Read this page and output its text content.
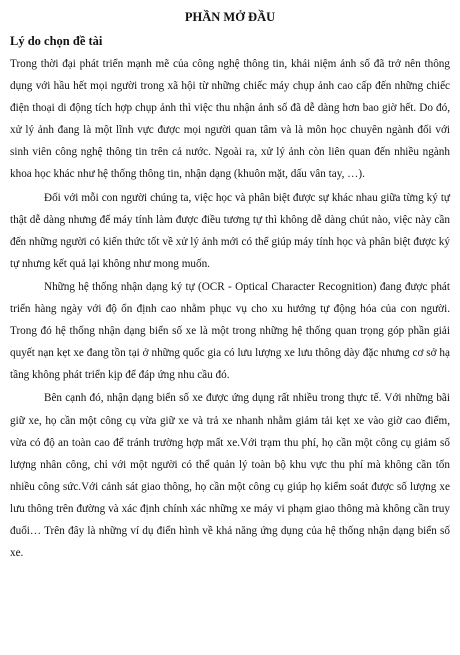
PHẦN MỞ ĐẦU
Lý do chọn đề tài

Trong thời đại phát triển mạnh mẽ của công nghệ thông tin, khái niệm ảnh số đã trở nên thông dụng với hầu hết mọi người trong xã hội từ những chiếc máy chụp ảnh cao cấp đến những chiếc điện thoại di động tích hợp chụp ảnh thì việc thu nhận ảnh số đã dễ dàng hơn bao giờ hết. Do đó, xử lý ảnh đang là một lĩnh vực được mọi người quan tâm và là môn học chuyên ngành đối với sinh viên công nghệ thông tin trên cả nước. Ngoài ra, xử lý ảnh còn liên quan đến nhiều ngành khoa học khác như hệ thống thông tin, nhận dạng (khuôn mặt, dấu vân tay, …).

Đối với mỗi con người chúng ta, việc học và phân biệt được sự khác nhau giữa từng ký tự thật dễ dàng nhưng để máy tính làm được điều tương tự thì không dễ dàng chút nào, việc này cần đến những người có kiến thức tốt về xử lý ảnh mới có thể giúp máy tính học và phân biệt được ký tự nhưng kết quả lại không như mong muốn.

Những hệ thống nhận dạng ký tự (OCR - Optical Character Recognition) đang được phát triển hàng ngày với độ ổn định cao nhằm phục vụ cho xu hướng tự động hóa của con người. Trong đó hệ thống nhận dạng biển số xe là một trong những hệ thống quan trọng góp phần giải quyết nạn kẹt xe đang tồn tại ở những quốc gia có lưu lượng xe lưu thông dày đặc nhưng cơ sở hạ tầng không phát triển kịp để đáp ứng nhu cầu đó.

Bên cạnh đó, nhận dạng biển số xe được ứng dụng rất nhiều trong thực tế. Với những bãi giữ xe, họ cần một công cụ vừa giữ xe và trả xe nhanh nhằm giảm tải kẹt xe vào giờ cao điểm, vừa có độ an toàn cao để tránh trường hợp mất xe.Với trạm thu phí, họ cần một công cụ giảm số lượng nhân công, chỉ với một người có thể quản lý toàn bộ khu vực thu phí mà không cần tốn nhiều công sức.Với cảnh sát giao thông, họ cần một công cụ giúp họ kiểm soát được số lượng xe lưu thông trên đường và xác định chính xác những xe máy vi phạm giao thông mà không cần truy đuổi… Trên đây là những ví dụ điển hình về khả năng ứng dụng của hệ thống nhận dạng biển số xe.
